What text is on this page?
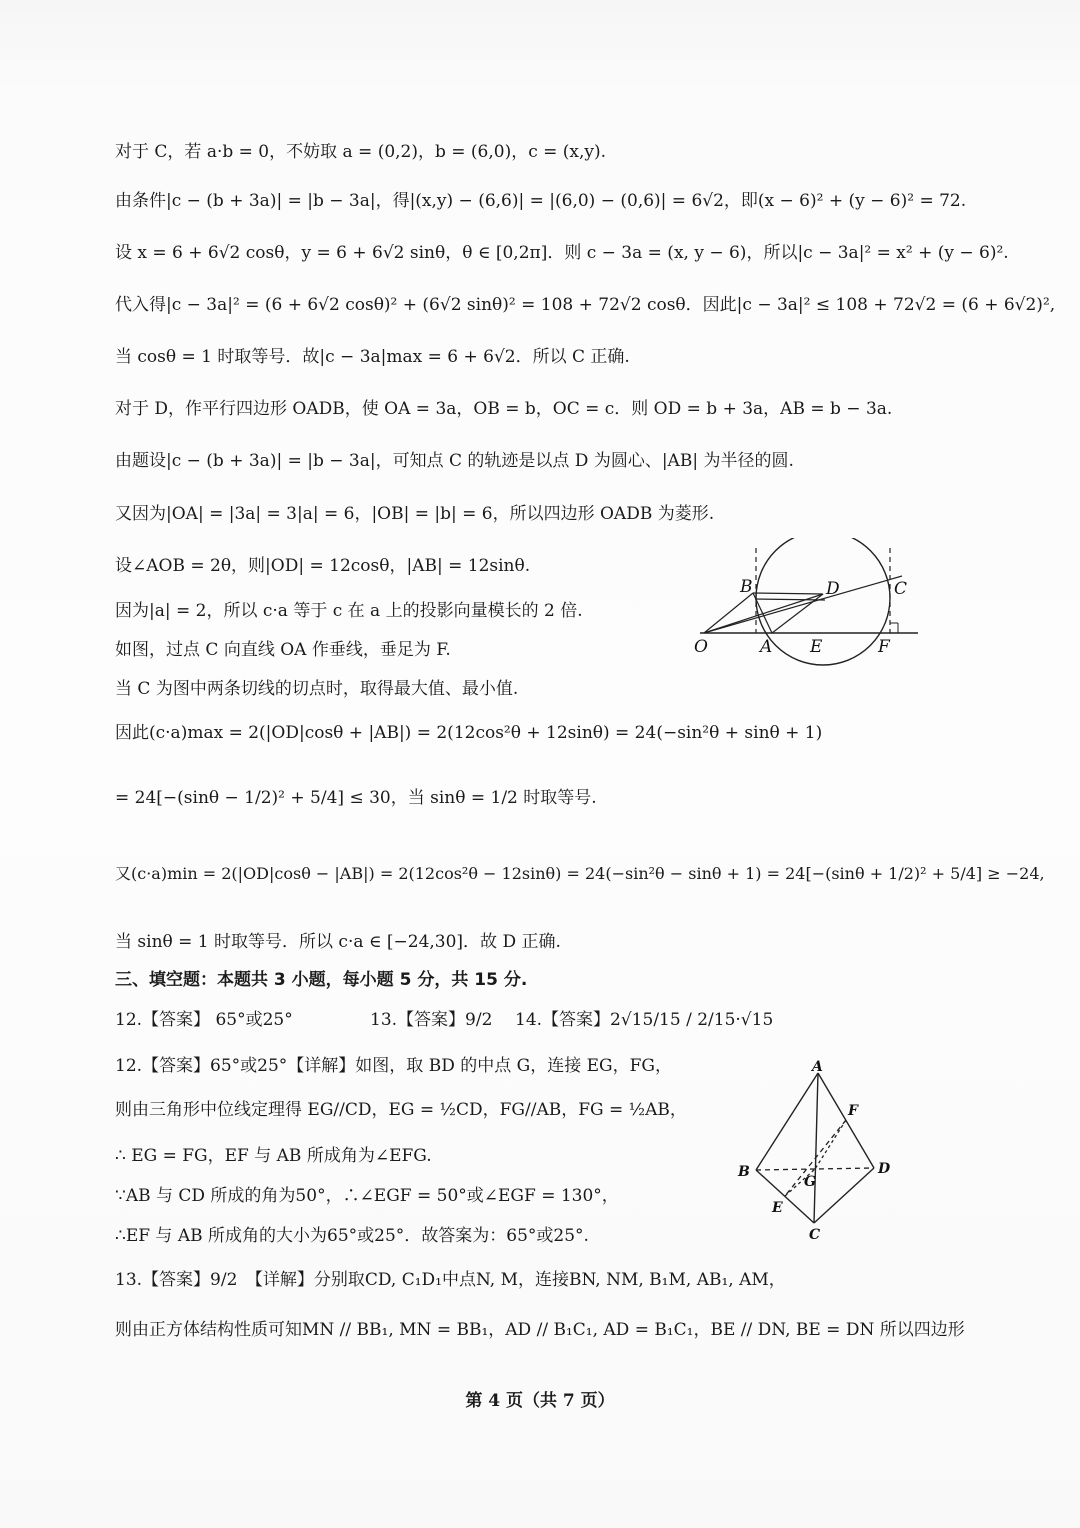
对于 C，若 a·b = 0，不妨取 a = (0,2)，b = (6,0)，c = (x,y).
由条件|c − (b + 3a)| = |b − 3a|，得|(x,y) − (6,6)| = |(6,0) − (0,6)| = 6√2，即(x − 6)² + (y − 6)² = 72.
设 x = 6 + 6√2 cosθ，y = 6 + 6√2 sinθ，θ ∈ [0,2π]．则 c − 3a = (x, y − 6)，所以|c − 3a|² = x² + (y − 6)².
代入得|c − 3a|² = (6 + 6√2 cosθ)² + (6√2 sinθ)² = 108 + 72√2 cosθ．因此|c − 3a|² ≤ 108 + 72√2 = (6 + 6√2)²,
当 cosθ = 1 时取等号．故|c − 3a|max = 6 + 6√2．所以 C 正确.
对于 D，作平行四边形 OADB，使 OA = 3a，OB = b，OC = c．则 OD = b + 3a，AB = b − 3a.
由题设|c − (b + 3a)| = |b − 3a|，可知点 C 的轨迹是以点 D 为圆心、|AB| 为半径的圆.
又因为|OA| = |3a| = 3|a| = 6，|OB| = |b| = 6，所以四边形 OADB 为菱形.
设∠AOB = 2θ，则|OD| = 12cosθ，|AB| = 12sinθ.
因为|a| = 2，所以 c·a 等于 c 在 a 上的投影向量模长的 2 倍.
如图，过点 C 向直线 OA 作垂线，垂足为 F.
当 C 为图中两条切线的切点时，取得最大值、最小值.
因此(c·a)max = 2(|OD|cosθ + |AB|) = 2(12cos²θ + 12sinθ) = 24(−sin²θ + sinθ + 1)
= 24[−(sinθ − 1/2)² + 5/4] ≤ 30，当 sinθ = 1/2 时取等号.
又(c·a)min = 2(|OD|cosθ − |AB|) = 2(12cos²θ − 12sinθ) = 24(−sin²θ − sinθ + 1) = 24[−(sinθ + 1/2)² + 5/4] ≥ −24,
当 sinθ = 1 时取等号．所以 c·a ∈ [−24,30]．故 D 正确.
三、填空题：本题共 3 小题，每小题 5 分，共 15 分.
12.【答案】 65°或25°	13.【答案】9/2 14.【答案】2√15/15 / 2/15·√15
12.【答案】65°或25°【详解】如图，取 BD 的中点 G，连接 EG，FG，
则由三角形中位线定理得 EG//CD，EG = ½CD，FG//AB，FG = ½AB，
∴ EG = FG，EF 与 AB 所成角为∠EFG.
∵AB 与 CD 所成的角为50°，∴∠EGF = 50°或∠EGF = 130°，
∴EF 与 AB 所成角的大小为65°或25°．故答案为：65°或25°.
13.【答案】9/2　【详解】分别取CD, C₁D₁中点N, M，连接BN, NM, B₁M, AB₁, AM，
则由正方体结构性质可知MN // BB₁, MN = BB₁，AD // B₁C₁, AD = B₁C₁，BE // DN, BE = DN 所以四边形
B	D	C
O	A E	F
A
F
B
G
D
E
C
第 4 页（共 7 页）
